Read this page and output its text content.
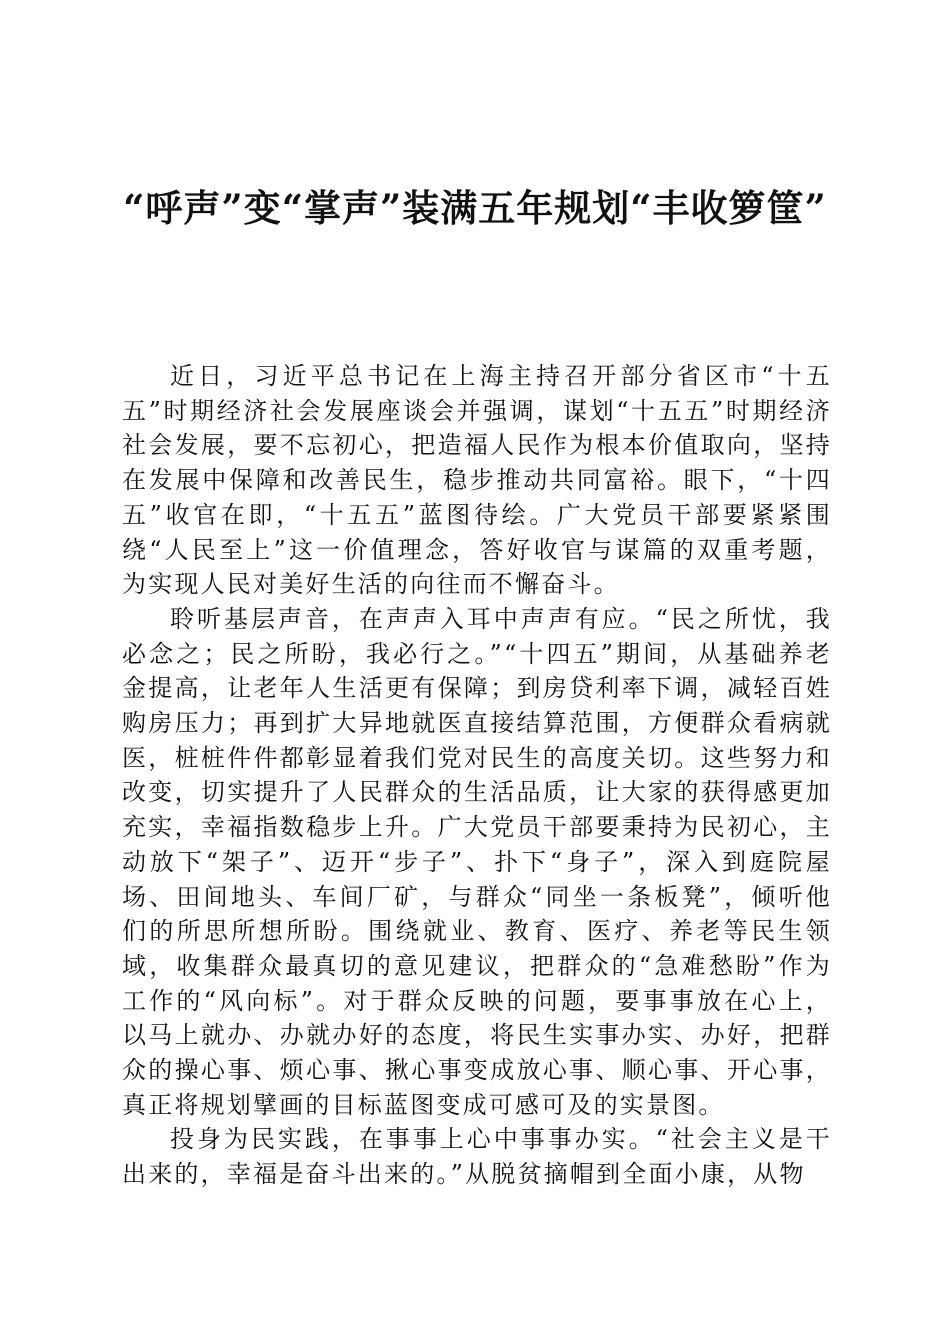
“呼声”变“掌声”装满五年规划“丰收箩筐”

近日，习近平总书记在上海主持召开部分省区市“十五五”时期经济社会发展座谈会并强调，谋划“十五五”时期经济社会发展，要不忘初心，把造福人民作为根本价值取向，坚持在发展中保障和改善民生，稳步推动共同富裕。眼下，“十四五”收官在即，“十五五”蓝图待绘。广大党员干部要紧紧围绕“人民至上”这一价值理念，答好收官与谋篇的双重考题，为实现人民对美好生活的向往而不懈奋斗。

聆听基层声音，在声声入耳中声声有应。“民之所忧，我必念之；民之所盼，我必行之。”“十四五”期间，从基础养老金提高，让老年人生活更有保障；到房贷利率下调，减轻百姓购房压力；再到扩大异地就医直接结算范围，方便群众看病就医，桩桩件件都彰显着我们党对民生的高度关切。这些努力和改变，切实提升了人民群众的生活品质，让大家的获得感更加充实，幸福指数稳步上升。广大党员干部要秉持为民初心，主动放下“架子”、迈开“步子”、扑下“身子”，深入到庭院屋场、田间地头、车间厂矿，与群众“同坐一条板凳”，倾听他们的所思所想所盼。围绕就业、教育、医疗、养老等民生领域，收集群众最真切的意见建议，把群众的“急难愁盼”作为工作的“风向标”。对于群众反映的问题，要事事放在心上，以马上就办、办就办好的态度，将民生实事办实、办好，把群众的操心事、烦心事、揪心事变成放心事、顺心事、开心事，真正将规划擘画的目标蓝图变成可感可及的实景图。

投身为民实践，在事事上心中事事办实。“社会主义是干出来的，幸福是奋斗出来的。”从脱贫摘帽到全面小康，从物
